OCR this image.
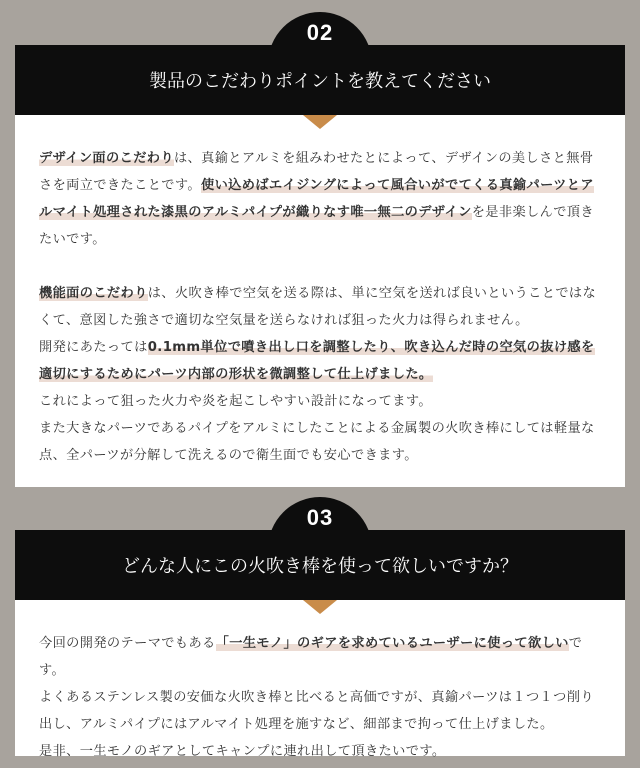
02
製品のこだわりポイントを教えてください

デザイン面のこだわりは、真鍮とアルミを組みわせたとによって、デザインの美しさと無骨さを両立できたことです。使い込めばエイジングによって風合いがでてくる真鍮パーツとアルマイト処理された漆黒のアルミパイプが織りなす唯一無二のデザインを是非楽しんで頂きたいです。

機能面のこだわりは、火吹き棒で空気を送る際は、単に空気を送れば良いということではなくて、意図した強さで適切な空気量を送らなければ狙った火力は得られません。

開発にあたっては0.1mm単位で噴き出し口を調整したり、吹き込んだ時の空気の抜け感を適切にするためにパーツ内部の形状を微調整して仕上げました。

これによって狙った火力や炎を起こしやすい設計になってます。

また大きなパーツであるパイプをアルミにしたことによる金属製の火吹き棒にしては軽量な点、全パーツが分解して洗えるので衛生面でも安心できます。

03
どんな人にこの火吹き棒を使って欲しいですか？

今回の開発のテーマでもある「一生モノ」のギアを求めているユーザーに使って欲しいです。

よくあるステンレス製の安価な火吹き棒と比べると高価ですが、真鍮パーツは１つ１つ削り出し、アルミパイプにはアルマイト処理を施すなど、細部まで拘って仕上げました。

是非、一生モノのギアとしてキャンプに連れ出して頂きたいです。
